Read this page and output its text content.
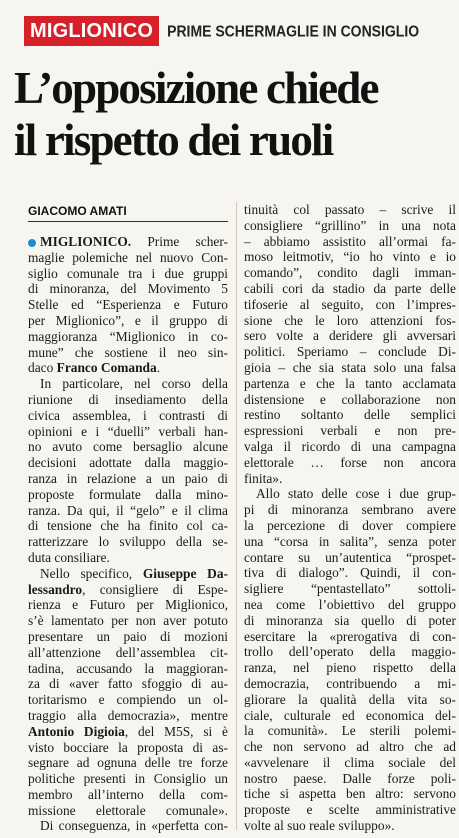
MIGLIONICO	PRIME SCHERMAGLIE IN CONSIGLIO
L’opposizione chiede
il rispetto dei ruoli
GIACOMO AMATI
MIGLIONICO. Prime scher-
maglie polemiche nel nuovo Con-
siglio comunale tra i due gruppi
di minoranza, del Movimento 5
Stelle ed “Esperienza e Futuro
per Miglionico”, e il gruppo di
maggioranza “Miglionico in co-
mune” che sostiene il neo sin-
daco Franco Comanda.
In particolare, nel corso della
riunione di insediamento della
civica assemblea, i contrasti di
opinioni e i “duelli” verbali han-
no avuto come bersaglio alcune
decisioni adottate dalla maggio-
ranza in relazione a un paio di
proposte formulate dalla mino-
ranza. Da qui, il “gelo” e il clima
di tensione che ha finito col ca-
ratterizzare lo sviluppo della se-
duta consiliare.
Nello specifico, Giuseppe Da-
lessandro, consigliere di Espe-
rienza e Futuro per Miglionico,
s’è lamentato per non aver potuto
presentare un paio di mozioni
all’attenzione dell’assemblea cit-
tadina, accusando la maggioran-
za di «aver fatto sfoggio di au-
toritarismo e compiendo un ol-
traggio alla democrazia», mentre
Antonio Digioia, del M5S, si è
visto bocciare la proposta di as-
segnare ad ognuna delle tre forze
politiche presenti in Consiglio un
membro all’interno della com-
missione elettorale comunale».
Di conseguenza, in «perfetta con-
tinuità col passato – scrive il
consigliere “grillino” in una nota
– abbiamo assistito all’ormai fa-
moso leitmotiv, “io ho vinto e io
comando”, condito dagli imman-
cabili cori da stadio da parte delle
tifoserie al seguito, con l’impres-
sione che le loro attenzioni fos-
sero volte a deridere gli avversari
politici. Speriamo – conclude Di-
gioia – che sia stata solo una falsa
partenza e che la tanto acclamata
distensione e collaborazione non
restino soltanto delle semplici
espressioni verbali e non pre-
valga il ricordo di una campagna
elettorale … forse non ancora
finita».
Allo stato delle cose i due grup-
pi di minoranza sembrano avere
la percezione di dover compiere
una “corsa in salita”, senza poter
contare su un’autentica “prospet-
tiva di dialogo”. Quindi, il con-
sigliere “pentastellato” sottoli-
nea come l’obiettivo del gruppo
di minoranza sia quello di poter
esercitare la «prerogativa di con-
trollo dell’operato della maggio-
ranza, nel pieno rispetto della
democrazia, contribuendo a mi-
gliorare la qualità della vita so-
ciale, culturale ed economica del-
la comunità». Le sterili polemi-
che non servono ad altro che ad
«avvelenare il clima sociale del
nostro paese. Dalle forze poli-
tiche si aspetta ben altro: servono
proposte e scelte amministrative
volte al suo reale sviluppo».
